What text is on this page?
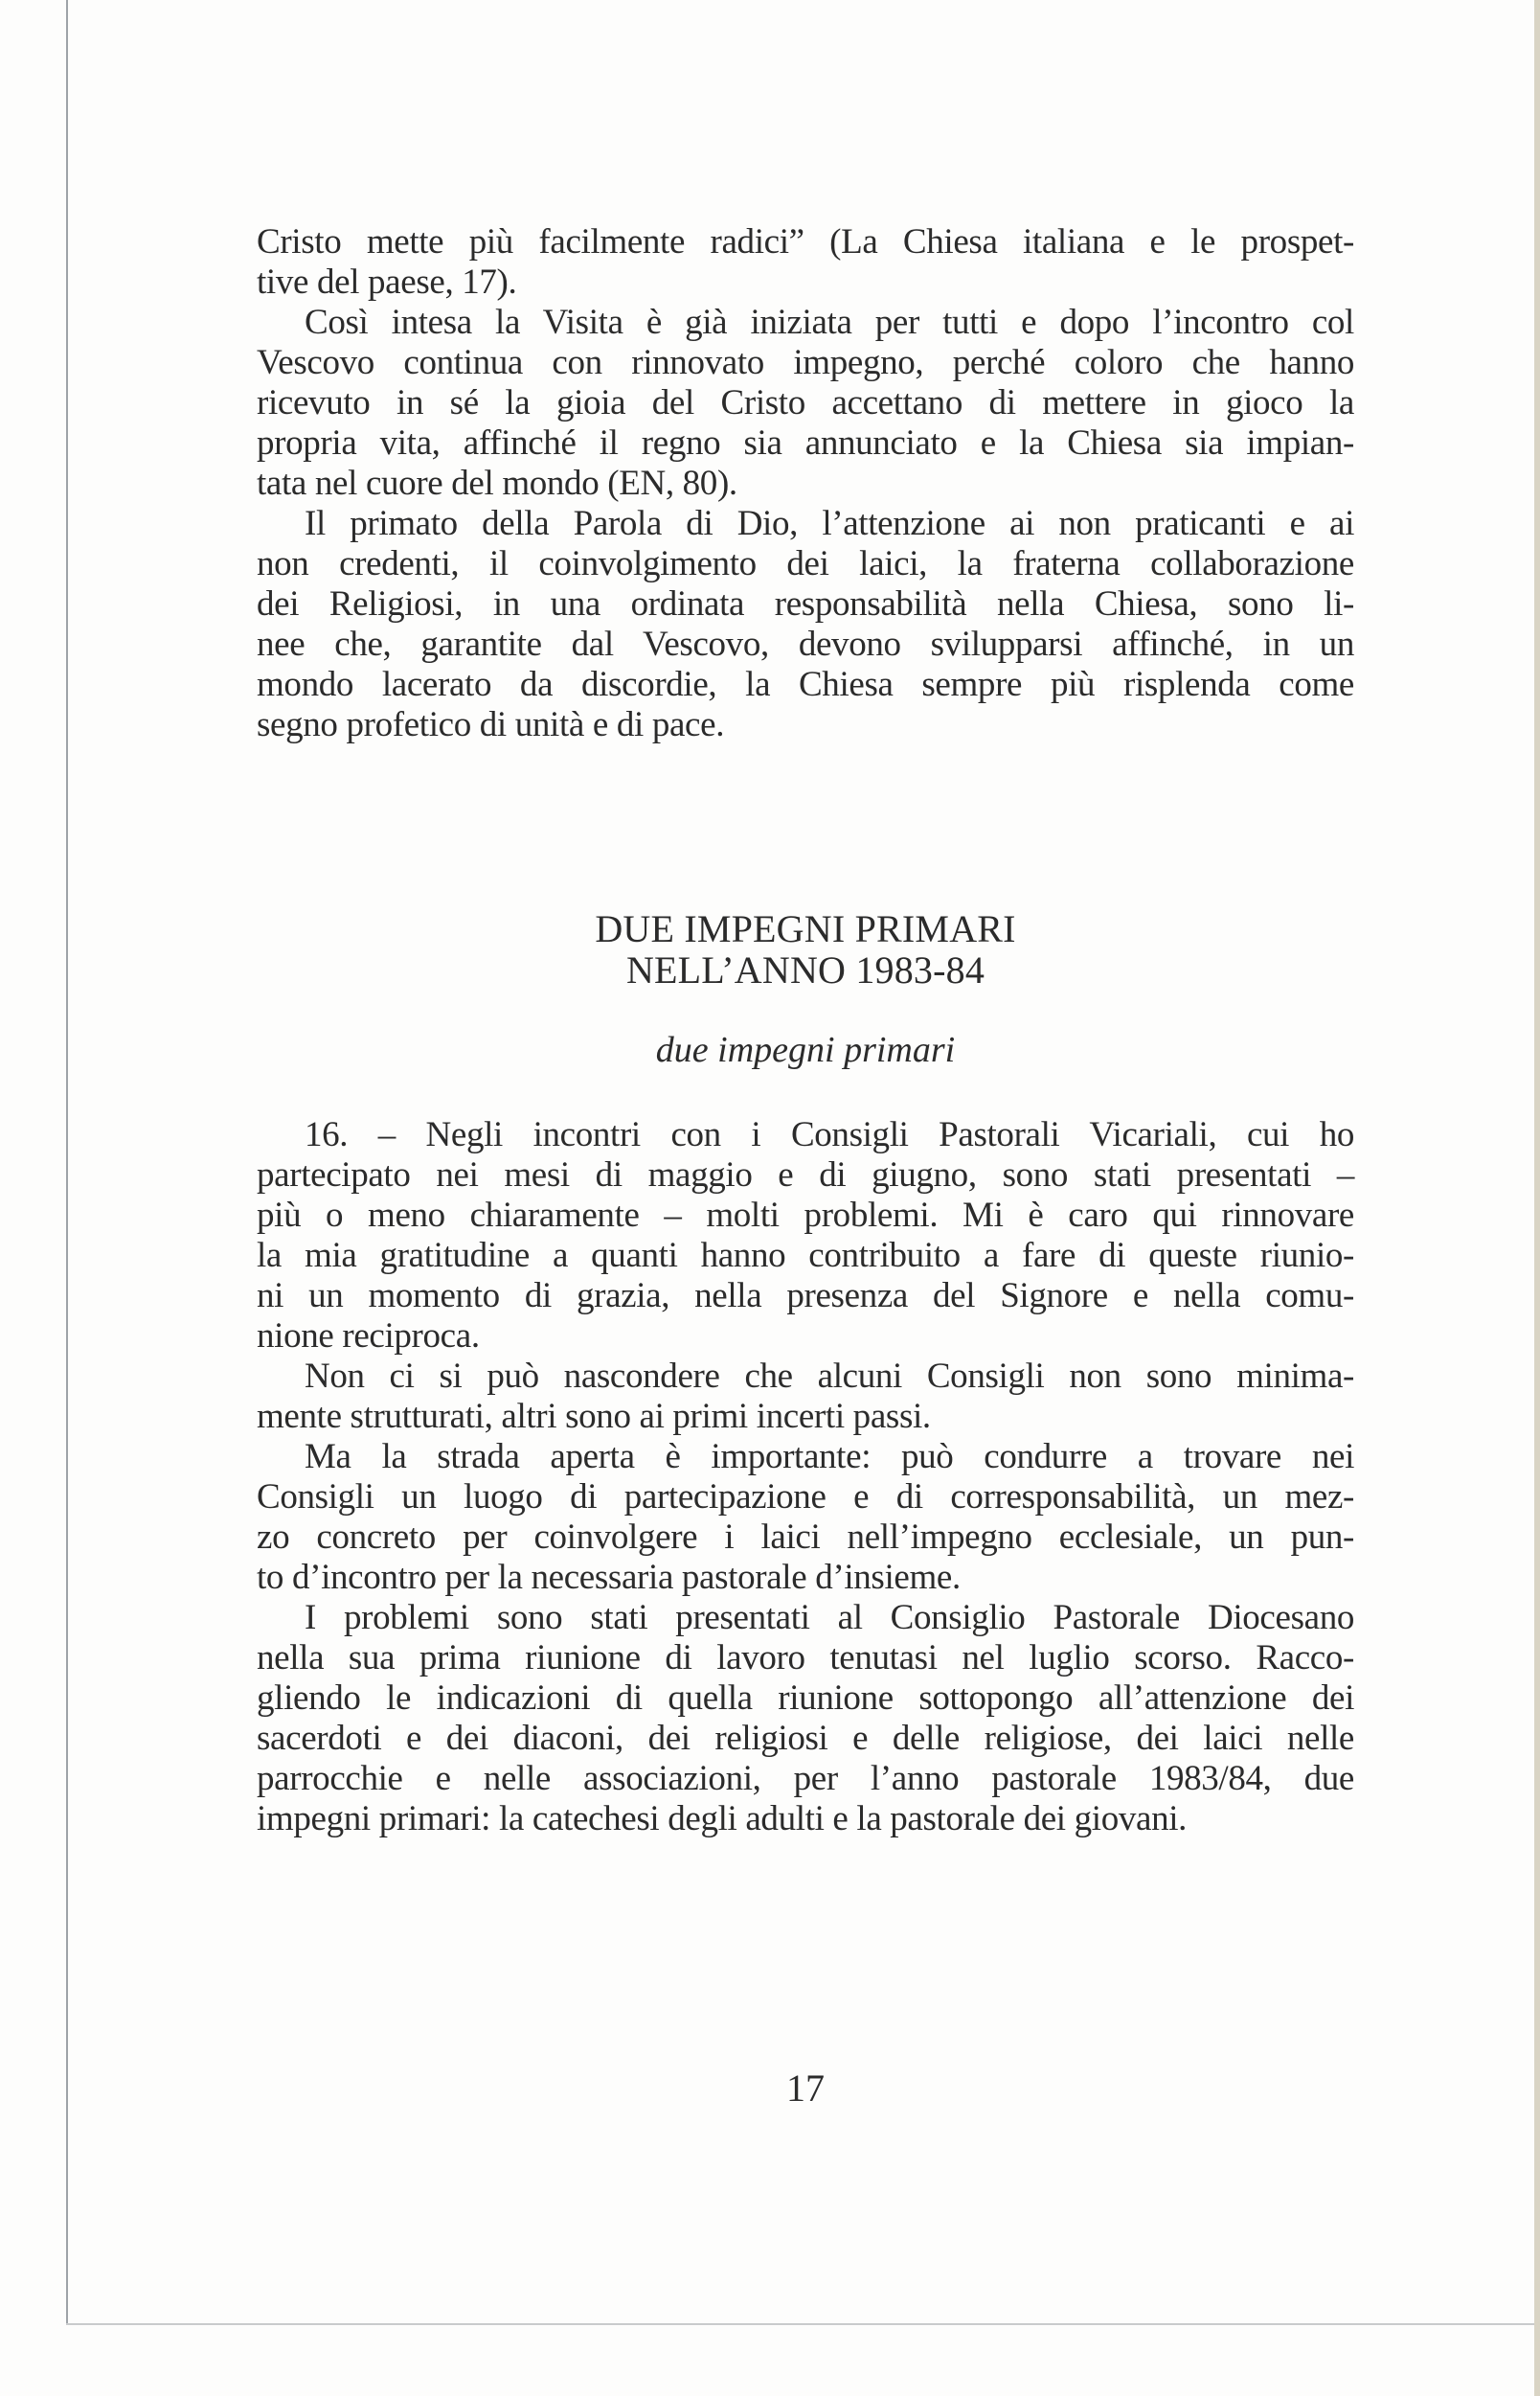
Cristo mette più facilmente radici” (La Chiesa italiana e le prospet-
tive del paese, 17).
Così intesa la Visita è già iniziata per tutti e dopo l’incontro col
Vescovo continua con rinnovato impegno, perché coloro che hanno
ricevuto in sé la gioia del Cristo accettano di mettere in gioco la
propria vita, affinché il regno sia annunciato e la Chiesa sia impian-
tata nel cuore del mondo (EN, 80).
Il primato della Parola di Dio, l’attenzione ai non praticanti e ai
non credenti, il coinvolgimento dei laici, la fraterna collaborazione
dei Religiosi, in una ordinata responsabilità nella Chiesa, sono li-
nee che, garantite dal Vescovo, devono svilupparsi affinché, in un
mondo lacerato da discordie, la Chiesa sempre più risplenda come
segno profetico di unità e di pace.
DUE IMPEGNI PRIMARI
NELL’ANNO 1983-84
due impegni primari
16. – Negli incontri con i Consigli Pastorali Vicariali, cui ho
partecipato nei mesi di maggio e di giugno, sono stati presentati –
più o meno chiaramente – molti problemi. Mi è caro qui rinnovare
la mia gratitudine a quanti hanno contribuito a fare di queste riunio-
ni un momento di grazia, nella presenza del Signore e nella comu-
nione reciproca.
Non ci si può nascondere che alcuni Consigli non sono minima-
mente strutturati, altri sono ai primi incerti passi.
Ma la strada aperta è importante: può condurre a trovare nei
Consigli un luogo di partecipazione e di corresponsabilità, un mez-
zo concreto per coinvolgere i laici nell’impegno ecclesiale, un pun-
to d’incontro per la necessaria pastorale d’insieme.
I problemi sono stati presentati al Consiglio Pastorale Diocesano
nella sua prima riunione di lavoro tenutasi nel luglio scorso. Racco-
gliendo le indicazioni di quella riunione sottopongo all’attenzione dei
sacerdoti e dei diaconi, dei religiosi e delle religiose, dei laici nelle
parrocchie e nelle associazioni, per l’anno pastorale 1983/84, due
impegni primari: la catechesi degli adulti e la pastorale dei giovani.
17
